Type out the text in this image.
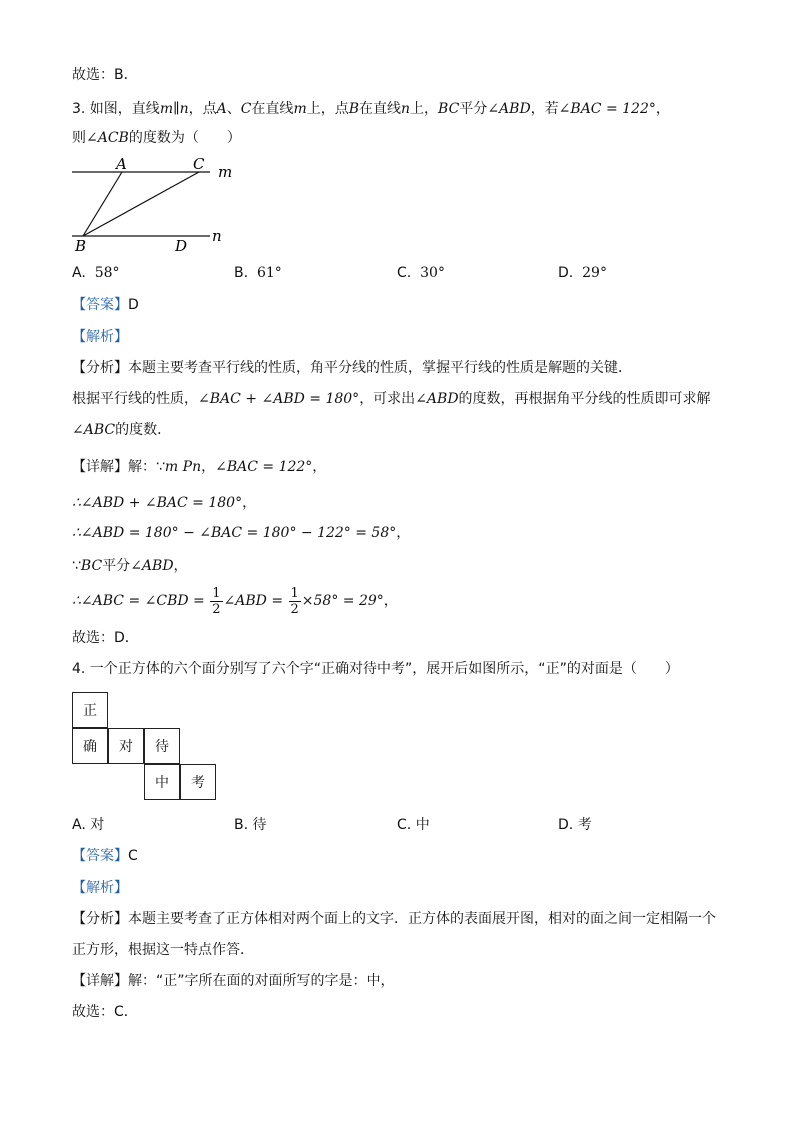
故选：B．
3. 如图，直线m∥n，点A、C在直线m上，点B在直线n上，BC平分∠ABD，若∠BAC = 122°，
则∠ACB的度数为（　　）
A	C m
B	D
n
A. 58°	B. 61°	C. 30°	D. 29°
【答案】D
【解析】
【分析】本题主要考查平行线的性质，角平分线的性质，掌握平行线的性质是解题的关键．
根据平行线的性质，∠BAC + ∠ABD = 180°，可求出∠ABD的度数，再根据角平分线的性质即可求解
∠ABC的度数．
【详解】解：∵m Pn，∠BAC = 122°，
∴∠ABD + ∠BAC = 180°，
∴∠ABD = 180° − ∠BAC = 180° − 122° = 58°，
∵BC平分∠ABD，
∴∠ABC = ∠CBD = $\frac{1}{2}$ ∠ABD = $\frac{1}{2} \times 58^\circ = 29^\circ$，
故选：D．
4. 一个正方体的六个面分别写了六个字“正确对待中考”，展开后如图所示，“正”的对面是（　　）
正
确	对	待
中	考
A. 对	B. 待	C. 中	D. 考
【答案】C
【解析】
【分析】本题主要考查了正方体相对两个面上的文字．正方体的表面展开图，相对的面之间一定相隔一个
正方形，根据这一特点作答．
【详解】解：“正”字所在面的对面所写的字是：中，
故选：C．
